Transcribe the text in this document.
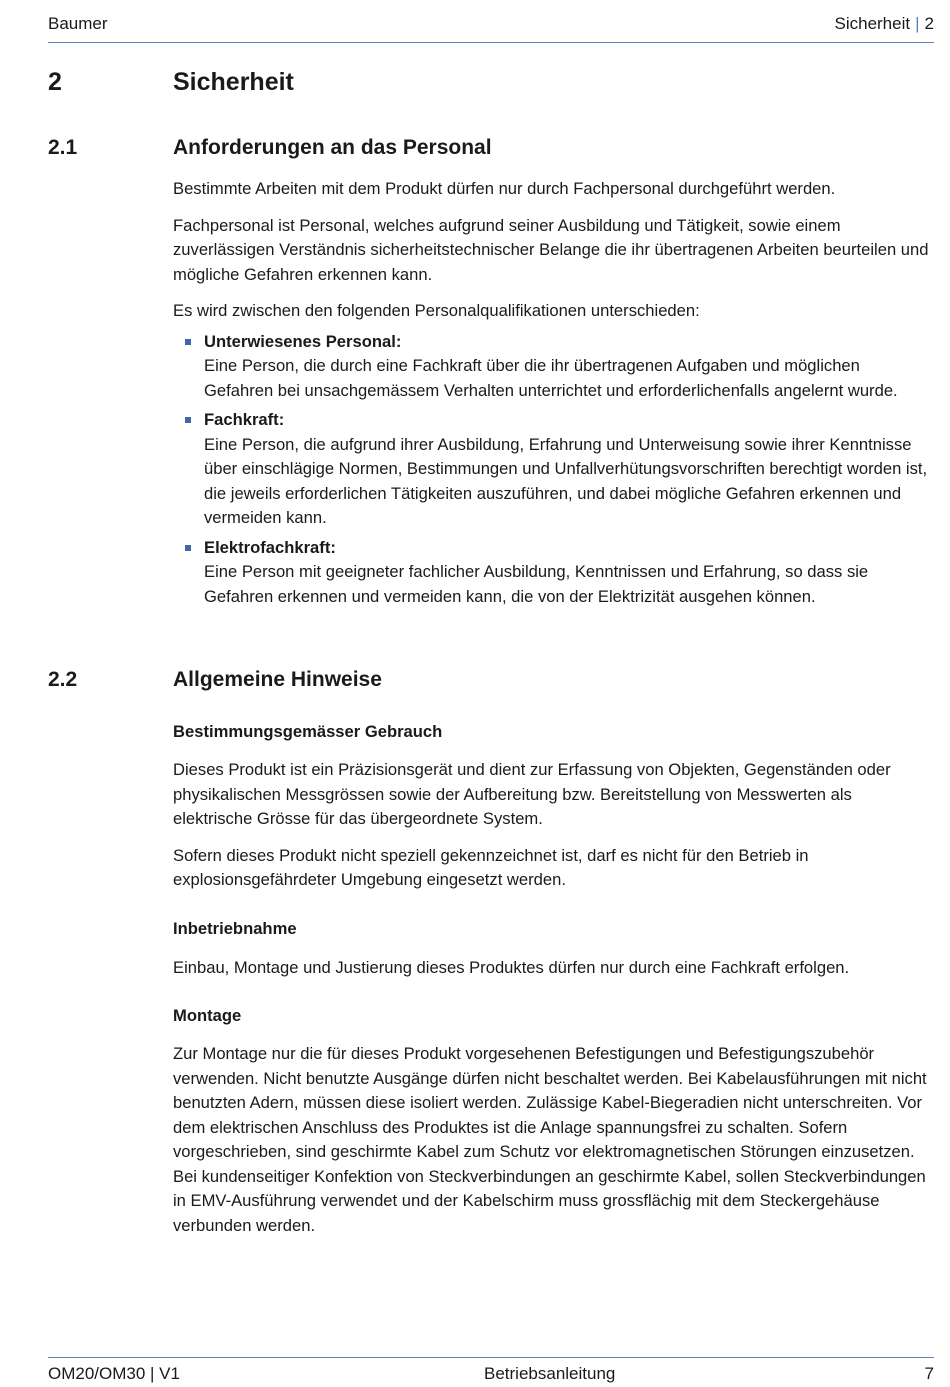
Baumer	Sicherheit | 2
2	Sicherheit
2.1	Anforderungen an das Personal

Bestimmte Arbeiten mit dem Produkt dürfen nur durch Fachpersonal durchgeführt werden.

Fachpersonal ist Personal, welches aufgrund seiner Ausbildung und Tätigkeit, sowie einem zuverlässigen Verständnis sicherheitstechnischer Belange die ihr übertragenen Arbeiten beurteilen und mögliche Gefahren erkennen kann.

Es wird zwischen den folgenden Personalqualifikationen unterschieden:

Unterwiesenes Personal:
Eine Person, die durch eine Fachkraft über die ihr übertragenen Aufgaben und möglichen Gefahren bei unsachgemässem Verhalten unterrichtet und erforderlichenfalls angelernt wurde.
Fachkraft:
Eine Person, die aufgrund ihrer Ausbildung, Erfahrung und Unterweisung sowie ihrer Kenntnisse über einschlägige Normen, Bestimmungen und Unfallverhütungsvorschriften berechtigt worden ist, die jeweils erforderlichen Tätigkeiten auszuführen, und dabei mögliche Gefahren erkennen und vermeiden kann.
Elektrofachkraft:
Eine Person mit geeigneter fachlicher Ausbildung, Kenntnissen und Erfahrung, so dass sie Gefahren erkennen und vermeiden kann, die von der Elektrizität ausgehen können.
2.2	Allgemeine Hinweise
Bestimmungsgemässer Gebrauch

Dieses Produkt ist ein Präzisionsgerät und dient zur Erfassung von Objekten, Gegenständen oder physikalischen Messgrössen sowie der Aufbereitung bzw. Bereitstellung von Messwerten als elektrische Grösse für das übergeordnete System.

Sofern dieses Produkt nicht speziell gekennzeichnet ist, darf es nicht für den Betrieb in explosionsgefährdeter Umgebung eingesetzt werden.

Inbetriebnahme

Einbau, Montage und Justierung dieses Produktes dürfen nur durch eine Fachkraft erfolgen.

Montage

Zur Montage nur die für dieses Produkt vorgesehenen Befestigungen und Befestigungszubehör verwenden. Nicht benutzte Ausgänge dürfen nicht beschaltet werden. Bei Kabelausführungen mit nicht benutzten Adern, müssen diese isoliert werden. Zulässige Kabel-Biegeradien nicht unterschreiten. Vor dem elektrischen Anschluss des Produktes ist die Anlage spannungsfrei zu schalten. Sofern vorgeschrieben, sind geschirmte Kabel zum Schutz vor elektromagnetischen Störungen einzusetzen. Bei kundenseitiger Konfektion von Steckverbindungen an geschirmte Kabel, sollen Steckverbindungen in EMV-Ausführung verwendet und der Kabelschirm muss grossflächig mit dem Steckergehäuse verbunden werden.

OM20/OM30 | V1	Betriebsanleitung	7
